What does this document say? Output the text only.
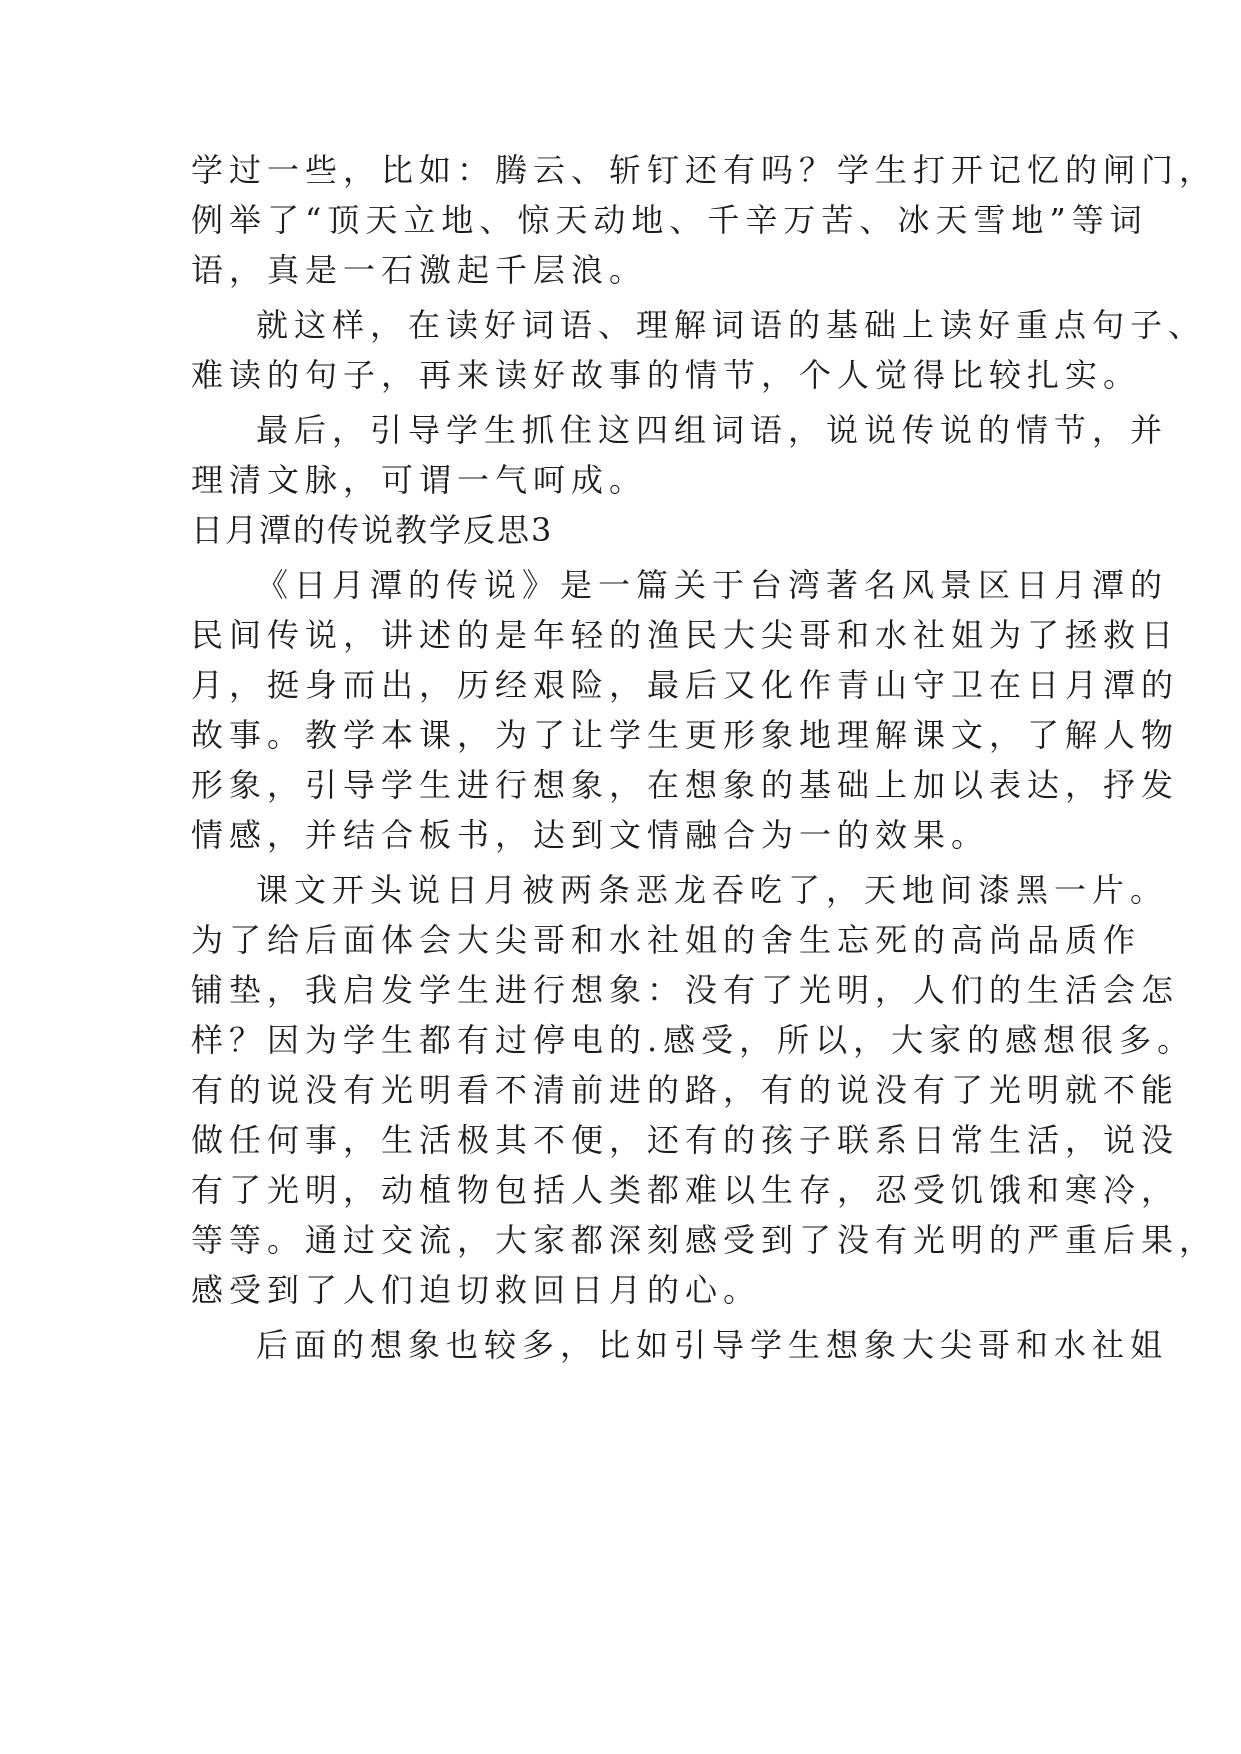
学过一些，比如：腾云、斩钉还有吗？学生打开记忆的闸门，
例举了“顶天立地、惊天动地、千辛万苦、冰天雪地”等词
语，真是一石激起千层浪。
就这样，在读好词语、理解词语的基础上读好重点句子、
难读的句子，再来读好故事的情节，个人觉得比较扎实。
最后，引导学生抓住这四组词语，说说传说的情节，并
理清文脉，可谓一气呵成。
日月潭的传说教学反思3
《日月潭的传说》是一篇关于台湾著名风景区日月潭的
民间传说，讲述的是年轻的渔民大尖哥和水社姐为了拯救日
月，挺身而出，历经艰险，最后又化作青山守卫在日月潭的
故事。教学本课，为了让学生更形象地理解课文，了解人物
形象，引导学生进行想象，在想象的基础上加以表达，抒发
情感，并结合板书，达到文情融合为一的效果。
课文开头说日月被两条恶龙吞吃了，天地间漆黑一片。
为了给后面体会大尖哥和水社姐的舍生忘死的高尚品质作
铺垫，我启发学生进行想象：没有了光明，人们的生活会怎
样？因为学生都有过停电的.感受，所以，大家的感想很多。
有的说没有光明看不清前进的路，有的说没有了光明就不能
做任何事，生活极其不便，还有的孩子联系日常生活，说没
有了光明，动植物包括人类都难以生存，忍受饥饿和寒冷，
等等。通过交流，大家都深刻感受到了没有光明的严重后果，
感受到了人们迫切救回日月的心。
后面的想象也较多，比如引导学生想象大尖哥和水社姐
